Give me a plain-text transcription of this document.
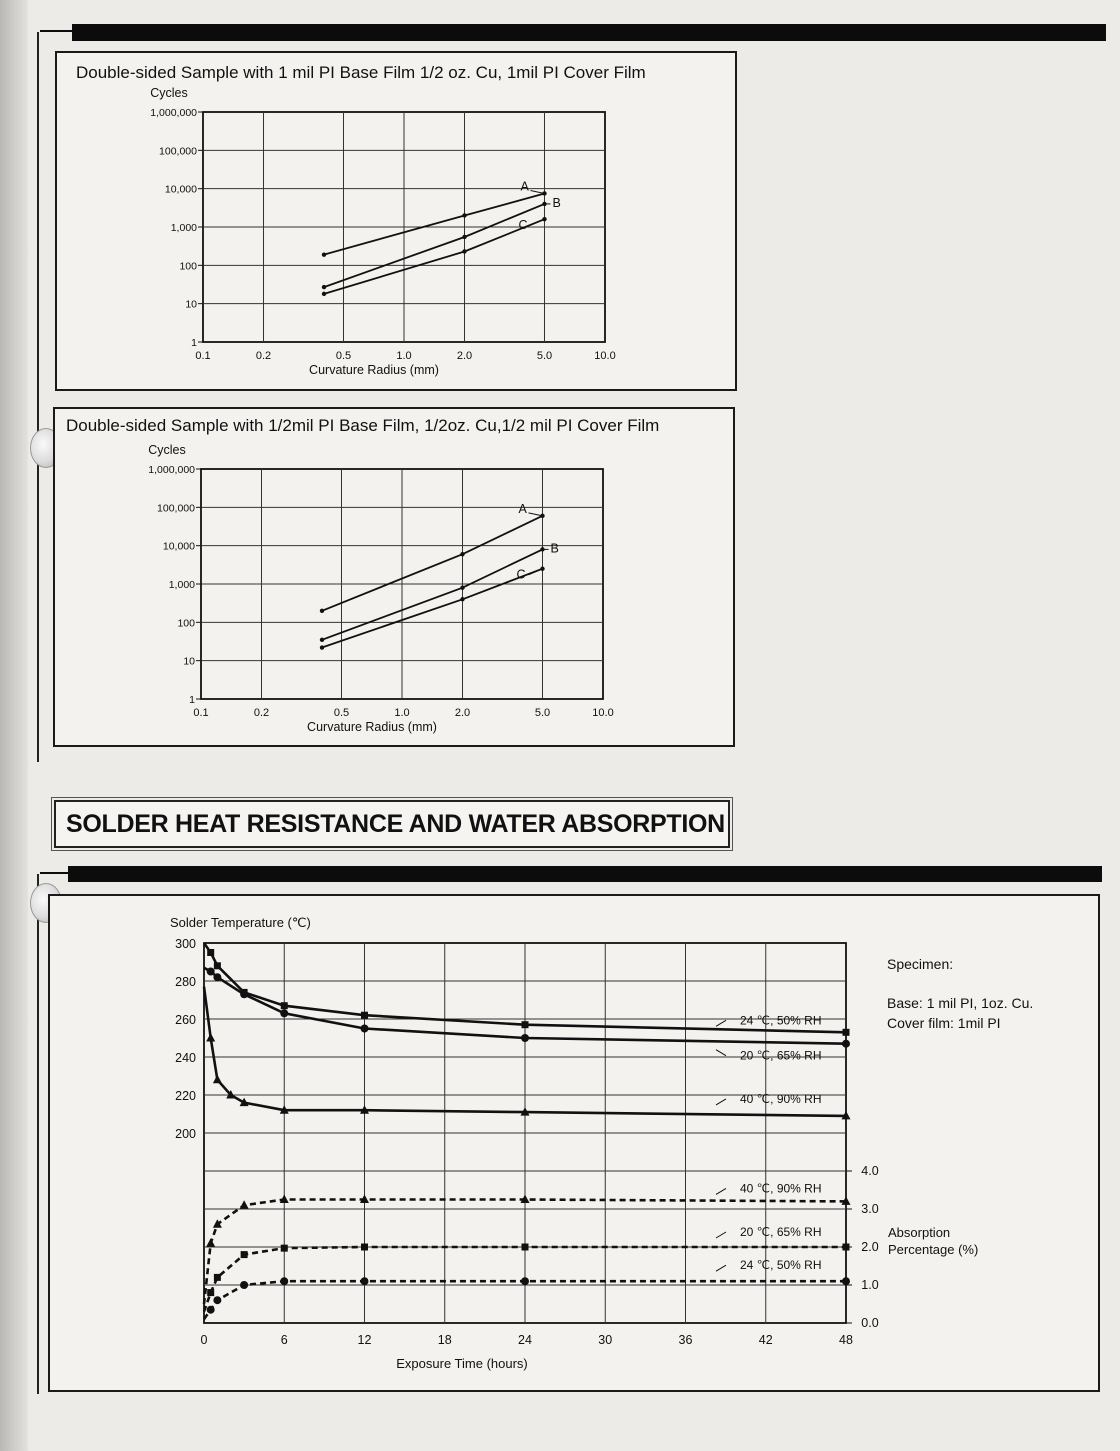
Double-sided Sample with 1 mil PI Base Film 1/2 oz. Cu, 1mil PI Cover Film
0.1	0.2	0.5	1.0	2.0	5.0	10.0
1
10
100
1,000
10,000
100,000
1,000,000
Cycles
Curvature Radius (mm)
A
B
C
Double-sided Sample with 1/2mil PI Base Film, 1/2oz. Cu,1/2 mil PI Cover Film
0.1	0.2	0.5	1.0	2.0	5.0	10.0
1
10
100
1,000
10,000
100,000
1,000,000
Cycles
Curvature Radius (mm)
A
B
C
SOLDER HEAT RESISTANCE AND WATER ABSORPTION
Specimen:
Base: 1 mil PI, 1oz. Cu.
Cover film: 1mil PI
0	6	12	18	24	30	36	42	48
200
220
240
260
280
300
0.0
1.0
2.0
3.0
4.0
Solder Temperature (℃)
Exposure Time (hours)
Absorption
Percentage (%)
24 ℃, 50% RH
20 ℃, 65% RH
40 ℃, 90% RH
40 ℃, 90% RH
20 ℃, 65% RH
24 ℃, 50% RH
